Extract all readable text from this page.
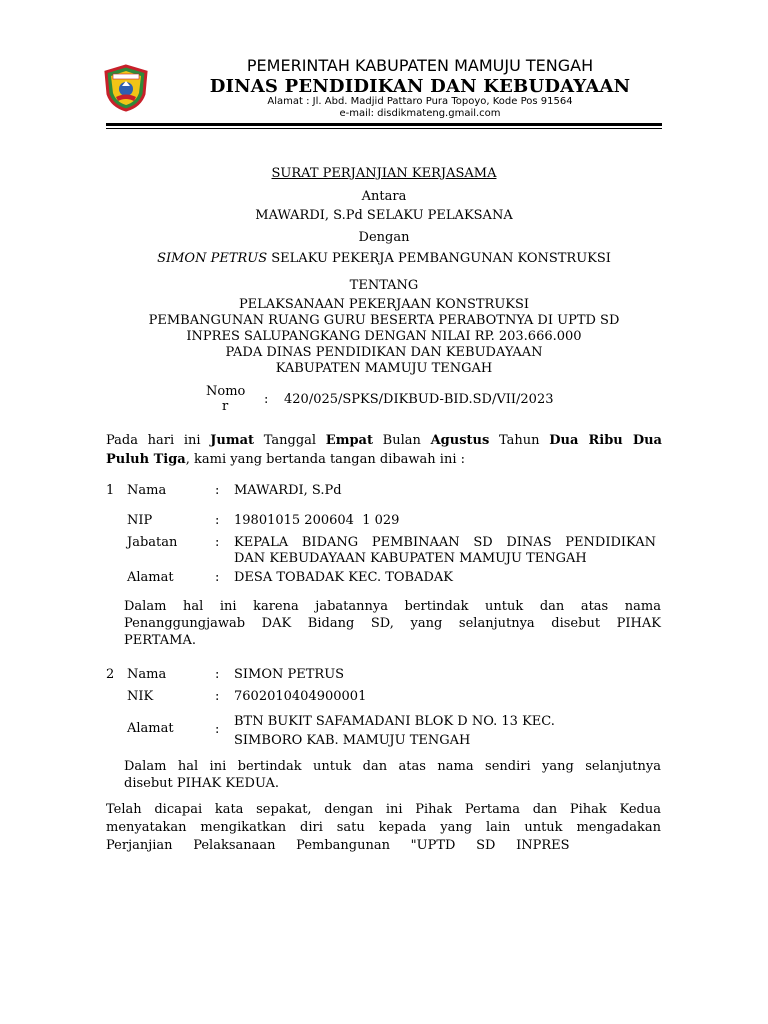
PEMERINTAH KABUPATEN MAMUJU TENGAH
DINAS PENDIDIKAN DAN KEBUDAYAAN
Alamat : Jl. Abd. Madjid Pattaro Pura Topoyo, Kode Pos 91564
e-mail: disdikmateng.gmail.com
SURAT PERJANJIAN KERJASAMA
Antara
MAWARDI, S.Pd SELAKU PELAKSANA
Dengan
SIMON PETRUS SELAKU PEKERJA PEMBANGUNAN KONSTRUKSI
TENTANG
PELAKSANAAN PEKERJAAN KONSTRUKSI
PEMBANGUNAN RUANG GURU BESERTA PERABOTNYA DI UPTD SD
INPRES SALUPANGKANG DENGAN NILAI RP. 203.666.000
PADA DINAS PENDIDIKAN DAN KEBUDAYAAN
KABUPATEN MAMUJU TENGAH
Nomo
r	: 420/025/SPKS/DIKBUD-BID.SD/VII/2023
Pada hari ini Jumat Tanggal Empat Bulan Agustus Tahun Dua Ribu Dua
Puluh Tiga, kami yang bertanda tangan dibawah ini :
1 Nama	: MAWARDI, S.Pd
NIP	: 19801015 200604  1 029
Jabatan	: KEPALA BIDANG PEMBINAAN SD DINAS PENDIDIKAN
DAN KEBUDAYAAN KABUPATEN MAMUJU TENGAH
Alamat	: DESA TOBADAK KEC. TOBADAK
Dalam hal ini karena jabatannya bertindak untuk dan atas nama
Penanggungjawab DAK Bidang SD, yang selanjutnya disebut PIHAK
PERTAMA.
2 Nama	: SIMON PETRUS
NIK	: 7602010404900001
Alamat	:
BTN BUKIT SAFAMADANI BLOK D NO. 13 KEC.
SIMBORO KAB. MAMUJU TENGAH
Dalam hal ini bertindak untuk dan atas nama sendiri yang selanjutnya
disebut PIHAK KEDUA.
Telah dicapai kata sepakat, dengan ini Pihak Pertama dan Pihak Kedua
menyatakan mengikatkan diri satu kepada yang lain untuk mengadakan
Perjanjian     Pelaksanaan     Pembangunan     "UPTD     SD     INPRES
